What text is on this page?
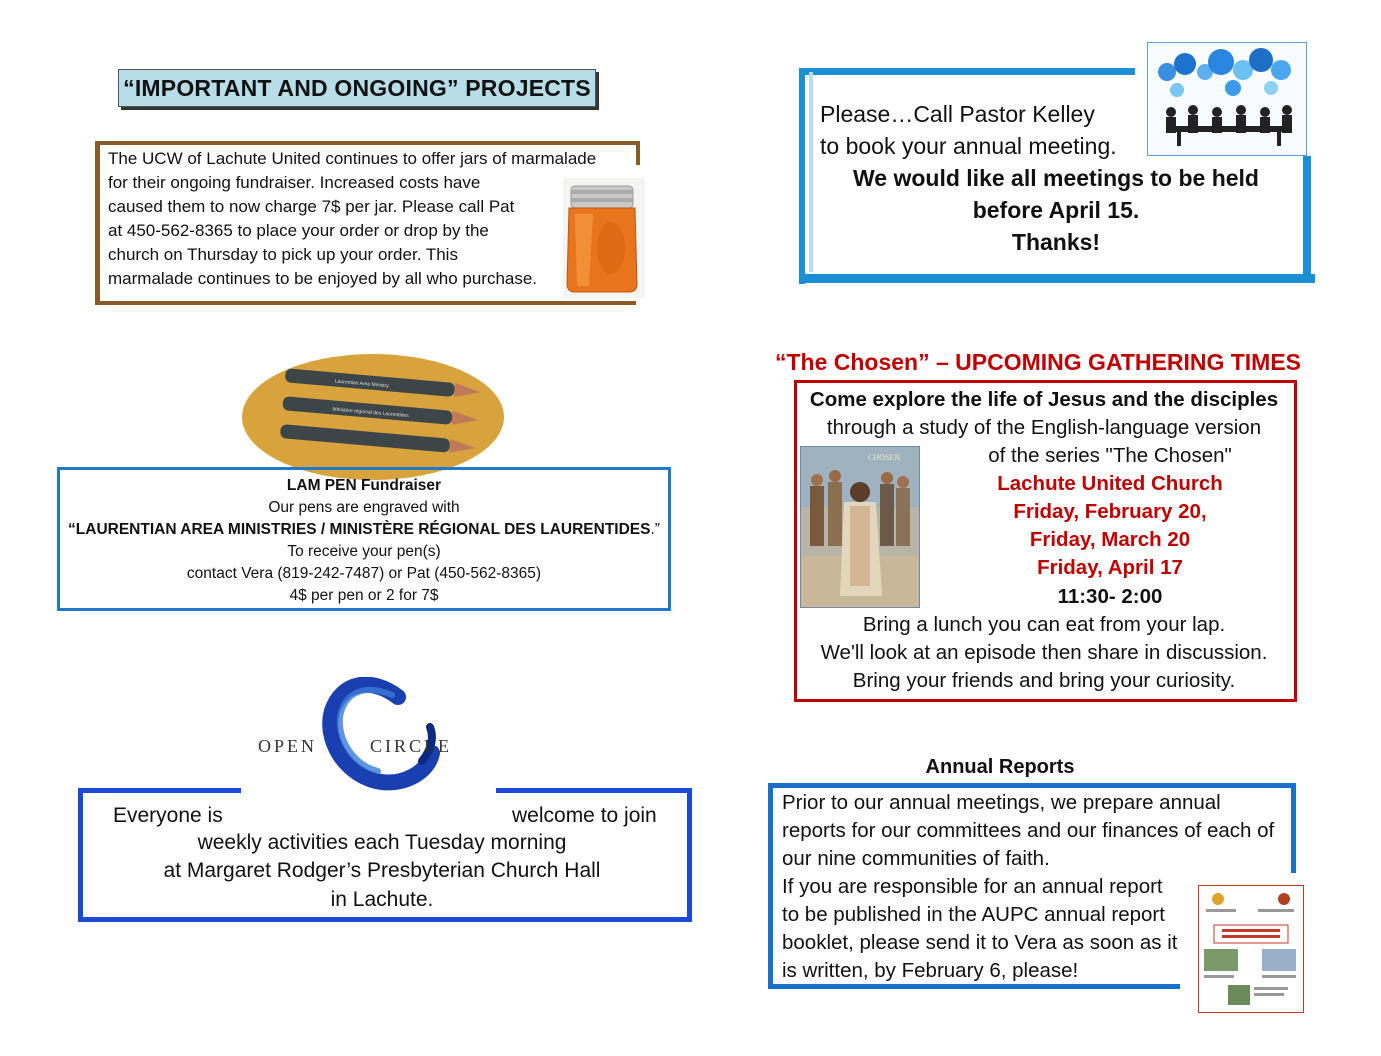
“IMPORTANT AND ONGOING” PROJECTS
The UCW of Lachute United continues to offer jars of marmalade
for their ongoing fundraiser. Increased costs have
caused them to now charge 7$ per jar. Please call Pat
at 450-562-8365 to place your order or drop by the
church on Thursday to pick up your order. This
marmalade continues to be enjoyed by all who purchase.
Laurentian Area Ministry
Ministère régional des Laurentides
LAM PEN Fundraiser
Our pens are engraved with
“LAURENTIAN AREA MINISTRIES / MINISTÈRE RÉGIONAL DES LAURENTIDES.”
To receive your pen(s)
contact Vera (819-242-7487) or Pat (450-562-8365)
4$ per pen or 2 for 7$
OPEN	CIRCLE
Everyone is	welcome to join
weekly activities each Tuesday morning
at Margaret Rodger’s Presbyterian Church Hall
in Lachute.
Please…Call Pastor Kelley
to book your annual meeting.
We would like all meetings to be held
before April 15.
Thanks!
“The Chosen” – UPCOMING GATHERING TIMES
CHOSEN
Come explore the life of Jesus and the disciples
through a study of the English-language version
of the series "The Chosen"
Lachute United Church
Friday, February 20,
Friday, March 20
Friday, April 17
11:30- 2:00
Bring a lunch you can eat from your lap.
We'll look at an episode then share in discussion.
Bring your friends and bring your curiosity.
Annual Reports
Prior to our annual meetings, we prepare annual
reports for our committees and our finances of each of
our nine communities of faith.
If you are responsible for an annual report
to be published in the AUPC annual report
booklet, please send it to Vera as soon as it
is written, by February 6, please!
